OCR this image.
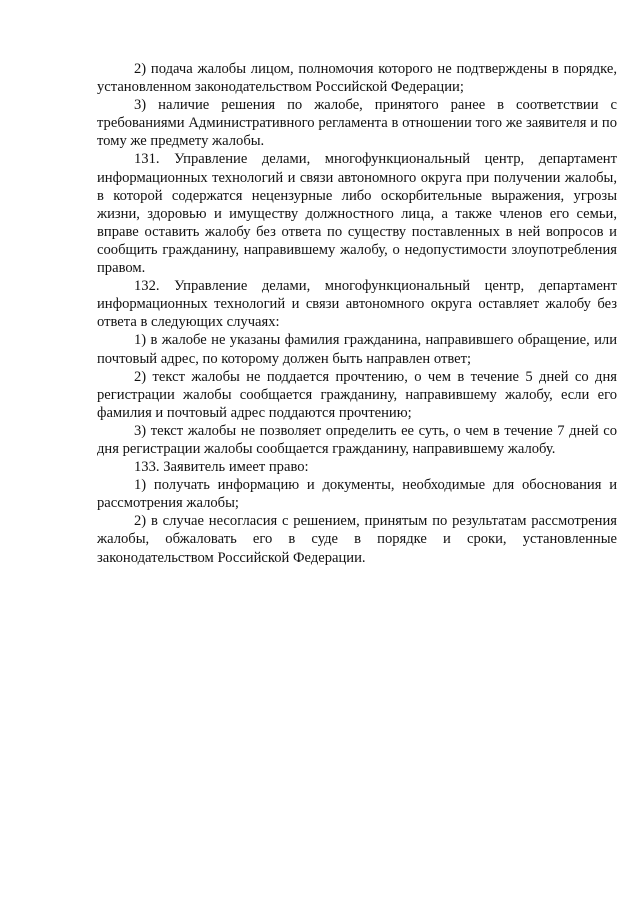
2) подача жалобы лицом, полномочия которого не подтверждены в порядке, установленном законодательством Российской Федерации;

3) наличие решения по жалобе, принятого ранее в соответствии с требованиями Административного регламента в отношении того же заявителя и по тому же предмету жалобы.

131. Управление делами, многофункциональный центр, департамент информационных технологий и связи автономного округа при получении жалобы, в которой содержатся нецензурные либо оскорбительные выражения, угрозы жизни, здоровью и имуществу должностного лица, а также членов его семьи, вправе оставить жалобу без ответа по существу поставленных в ней вопросов и сообщить гражданину, направившему жалобу, о недопустимости злоупотребления правом.

132. Управление делами, многофункциональный центр, департамент информационных технологий и связи автономного округа оставляет жалобу без ответа в следующих случаях:

1) в жалобе не указаны фамилия гражданина, направившего обращение, или почтовый адрес, по которому должен быть направлен ответ;

2) текст жалобы не поддается прочтению, о чем в течение 5 дней со дня регистрации жалобы сообщается гражданину, направившему жалобу, если его фамилия и почтовый адрес поддаются прочтению;

3) текст жалобы не позволяет определить ее суть, о чем в течение 7 дней со дня регистрации жалобы сообщается гражданину, направившему жалобу.

133. Заявитель имеет право:

1) получать информацию и документы, необходимые для обоснования и рассмотрения жалобы;

2) в случае несогласия с решением, принятым по результатам рассмотрения жалобы, обжаловать его в суде в порядке и сроки, установленные законодательством Российской Федерации.
